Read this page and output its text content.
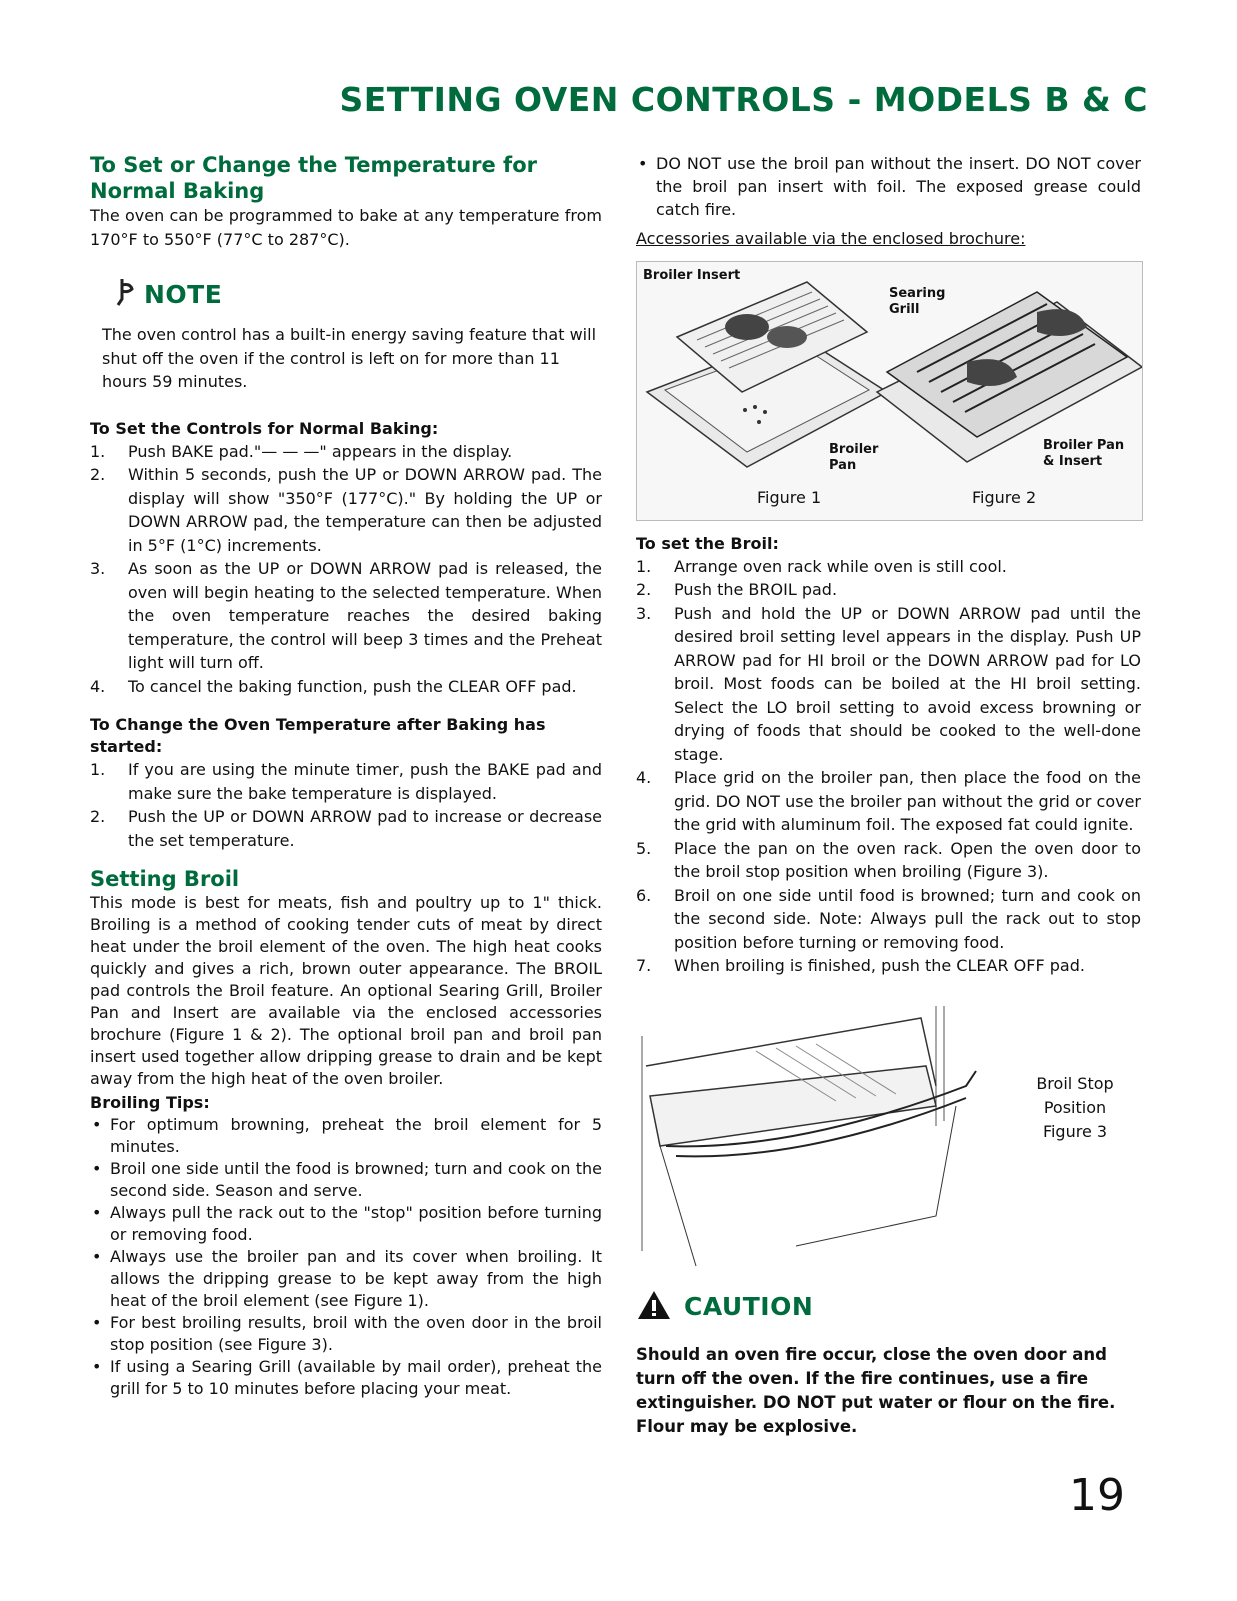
SETTING OVEN CONTROLS - MODELS B & C
To Set or Change the Temperature for Normal Baking

The oven can be programmed to bake at any temperature from 170°F to 550°F (77°C to 287°C).

NOTE

The oven control has a built-in energy saving feature that will shut off the oven if the control is left on for more than 11 hours 59 minutes.

To Set the Controls for Normal Baking:
1. Push BAKE pad."— — —" appears in the display.
2. Within 5 seconds, push the UP or DOWN ARROW pad. The display will show "350°F (177°C)." By holding the UP or DOWN ARROW pad, the temperature can then be adjusted in 5°F (1°C) increments.
3. As soon as the UP or DOWN ARROW pad is released, the oven will begin heating to the selected temperature. When the oven temperature reaches the desired baking temperature, the control will beep 3 times and the Preheat light will turn off.
4. To cancel the baking function, push the CLEAR OFF pad.
To Change the Oven Temperature after Baking has started:
1. If you are using the minute timer, push the BAKE pad and make sure the bake temperature is displayed.
2. Push the UP or DOWN ARROW pad to increase or decrease the set temperature.
Setting Broil

This mode is best for meats, fish and poultry up to 1" thick. Broiling is a method of cooking tender cuts of meat by direct heat under the broil element of the oven. The high heat cooks quickly and gives a rich, brown outer appearance. The BROIL pad controls the Broil feature. An optional Searing Grill, Broiler Pan and Insert are available via the enclosed accessories brochure (Figure 1 & 2). The optional broil pan and broil pan insert used together allow dripping grease to drain and be kept away from the high heat of the oven broiler.

Broiling Tips:
• For optimum browning, preheat the broil element for 5 minutes.
• Broil one side until the food is browned; turn and cook on the second side. Season and serve.
• Always pull the rack out to the "stop" position before turning or removing food.
• Always use the broiler pan and its cover when broiling. It allows the dripping grease to be kept away from the high heat of the broil element (see Figure 1).
• For best broiling results, broil with the oven door in the broil stop position (see Figure 3).
• If using a Searing Grill (available by mail order), preheat the grill for 5 to 10 minutes before placing your meat.
• DO NOT use the broil pan without the insert. DO NOT cover the broil pan insert with foil. The exposed grease could catch fire.

Accessories available via the enclosed brochure:

Broiler Insert
Searing Grill
Broiler Pan
Broiler Pan & Insert
Figure 1	Figure 2
To set the Broil:
1. Arrange oven rack while oven is still cool.
2. Push the BROIL pad.
3. Push and hold the UP or DOWN ARROW pad until the desired broil setting level appears in the display. Push UP ARROW pad for HI broil or the DOWN ARROW pad for LO broil. Most foods can be boiled at the HI broil setting. Select the LO broil setting to avoid excess browning or drying of foods that should be cooked to the well-done stage.
4. Place grid on the broiler pan, then place the food on the grid. DO NOT use the broiler pan without the grid or cover the grid with aluminum foil. The exposed fat could ignite.
5. Place the pan on the oven rack. Open the oven door to the broil stop position when broiling (Figure 3).
6. Broil on one side until food is browned; turn and cook on the second side. Note: Always pull the rack out to stop position before turning or removing food.
7. When broiling is finished, push the CLEAR OFF pad.
Broil Stop
Position
Figure 3
CAUTION
Should an oven fire occur, close the oven door and turn off the oven. If the fire continues, use a fire extinguisher. DO NOT put water or flour on the fire. Flour may be explosive.
19
